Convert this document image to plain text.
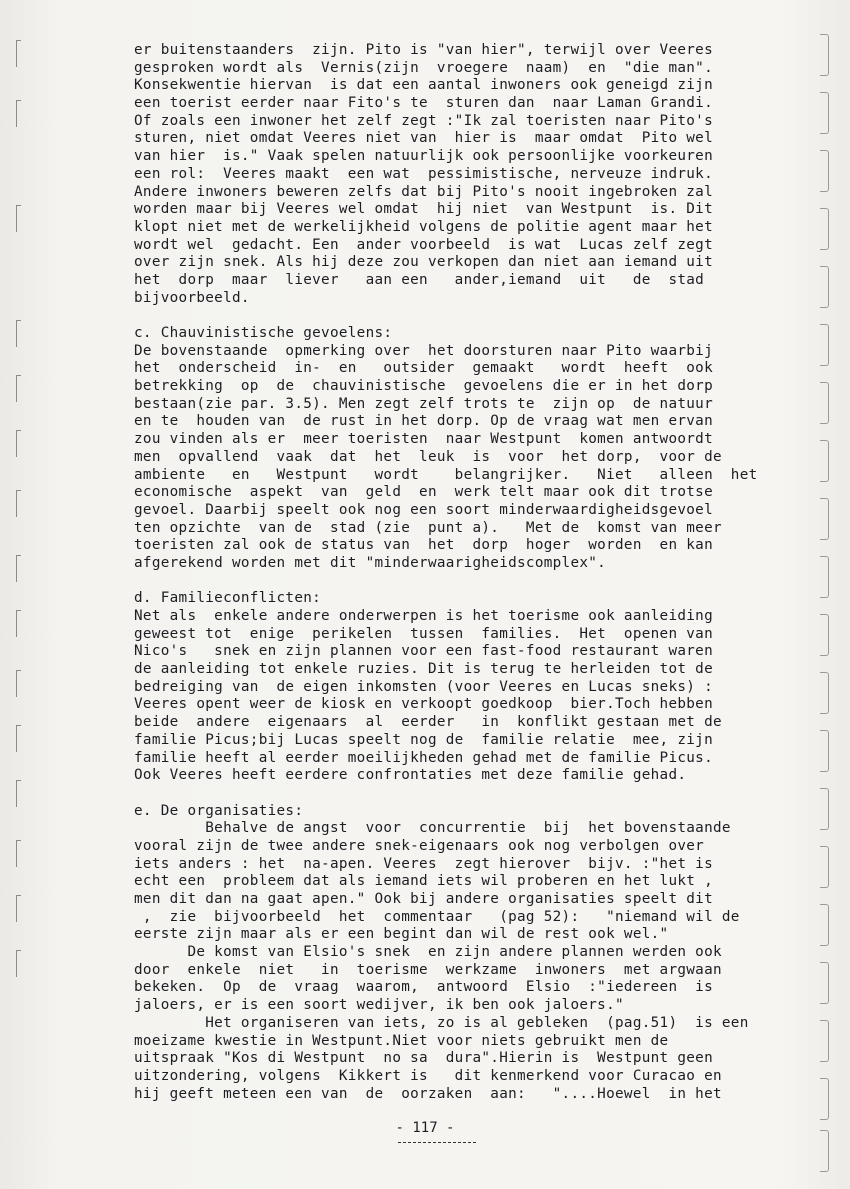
er buitenstaanders  zijn. Pito is "van hier", terwijl over Veeres
gesproken wordt als  Vernis(zijn  vroegere  naam)  en  "die man".
Konsekwentie hiervan  is dat een aantal inwoners ook geneigd zijn
een toerist eerder naar Fito's te  sturen dan  naar Laman Grandi.
Of zoals een inwoner het zelf zegt :"Ik zal toeristen naar Pito's
sturen, niet omdat Veeres niet van  hier is  maar omdat  Pito wel
van hier  is." Vaak spelen natuurlijk ook persoonlijke voorkeuren
een rol:  Veeres maakt  een wat  pessimistische, nerveuze indruk.
Andere inwoners beweren zelfs dat bij Pito's nooit ingebroken zal
worden maar bij Veeres wel omdat  hij niet  van Westpunt  is. Dit
klopt niet met de werkelijkheid volgens de politie agent maar het
wordt wel  gedacht. Een  ander voorbeeld  is wat  Lucas zelf zegt
over zijn snek. Als hij deze zou verkopen dan niet aan iemand uit
het  dorp  maar  liever   aan een   ander,iemand  uit   de  stad
bijvoorbeeld.
c. Chauvinistische gevoelens:
De bovenstaande  opmerking over  het doorsturen naar Pito waarbij
het  onderscheid  in-  en   outsider  gemaakt   wordt  heeft  ook
betrekking  op  de  chauvinistische  gevoelens die er in het dorp
bestaan(zie par. 3.5). Men zegt zelf trots te  zijn op  de natuur
en te  houden van  de rust in het dorp. Op de vraag wat men ervan
zou vinden als er  meer toeristen  naar Westpunt  komen antwoordt
men  opvallend  vaak  dat  het  leuk  is  voor  het dorp,  voor de
ambiente   en   Westpunt   wordt    belangrijker.   Niet   alleen  het
economische  aspekt  van  geld  en  werk telt maar ook dit trotse
gevoel. Daarbij speelt ook nog een soort minderwaardigheidsgevoel
ten opzichte  van de  stad (zie  punt a).   Met de  komst van meer
toeristen zal ook de status van  het  dorp  hoger  worden  en kan
afgerekend worden met dit "minderwaarigheidscomplex".
d. Familieconflicten:
Net als  enkele andere onderwerpen is het toerisme ook aanleiding
geweest tot  enige  perikelen  tussen  families.  Het  openen van
Nico's   snek en zijn plannen voor een fast-food restaurant waren
de aanleiding tot enkele ruzies. Dit is terug te herleiden tot de
bedreiging van  de eigen inkomsten (voor Veeres en Lucas sneks) :
Veeres opent weer de kiosk en verkoopt goedkoop  bier.Toch hebben
beide  andere  eigenaars  al  eerder   in  konflikt gestaan met de
familie Picus;bij Lucas speelt nog de  familie relatie  mee, zijn
familie heeft al eerder moeilijkheden gehad met de familie Picus.
Ook Veeres heeft eerdere confrontaties met deze familie gehad.
e. De organisaties:
Behalve de angst  voor  concurrentie  bij  het bovenstaande
vooral zijn de twee andere snek-eigenaars ook nog verbolgen over
iets anders : het  na-apen. Veeres  zegt hierover  bijv. :"het is
echt een  probleem dat als iemand iets wil proberen en het lukt ,
men dit dan na gaat apen." Ook bij andere organisaties speelt dit
,  zie  bijvoorbeeld  het  commentaar   (pag 52):   "niemand wil de
eerste zijn maar als er een begint dan wil de rest ook wel."
De komst van Elsio's snek  en zijn andere plannen werden ook
door  enkele  niet   in  toerisme  werkzame  inwoners  met argwaan
bekeken.  Op  de  vraag  waarom,  antwoord  Elsio  :"iedereen  is
jaloers, er is een soort wedijver, ik ben ook jaloers."
Het organiseren van iets, zo is al gebleken  (pag.51)  is een
moeizame kwestie in Westpunt.Niet voor niets gebruikt men de
uitspraak "Kos di Westpunt  no sa  dura".Hierin is  Westpunt geen
uitzondering, volgens  Kikkert is   dit kenmerkend voor Curacao en
hij geeft meteen een van  de  oorzaken  aan:   "....Hoewel  in het
- 117 -
